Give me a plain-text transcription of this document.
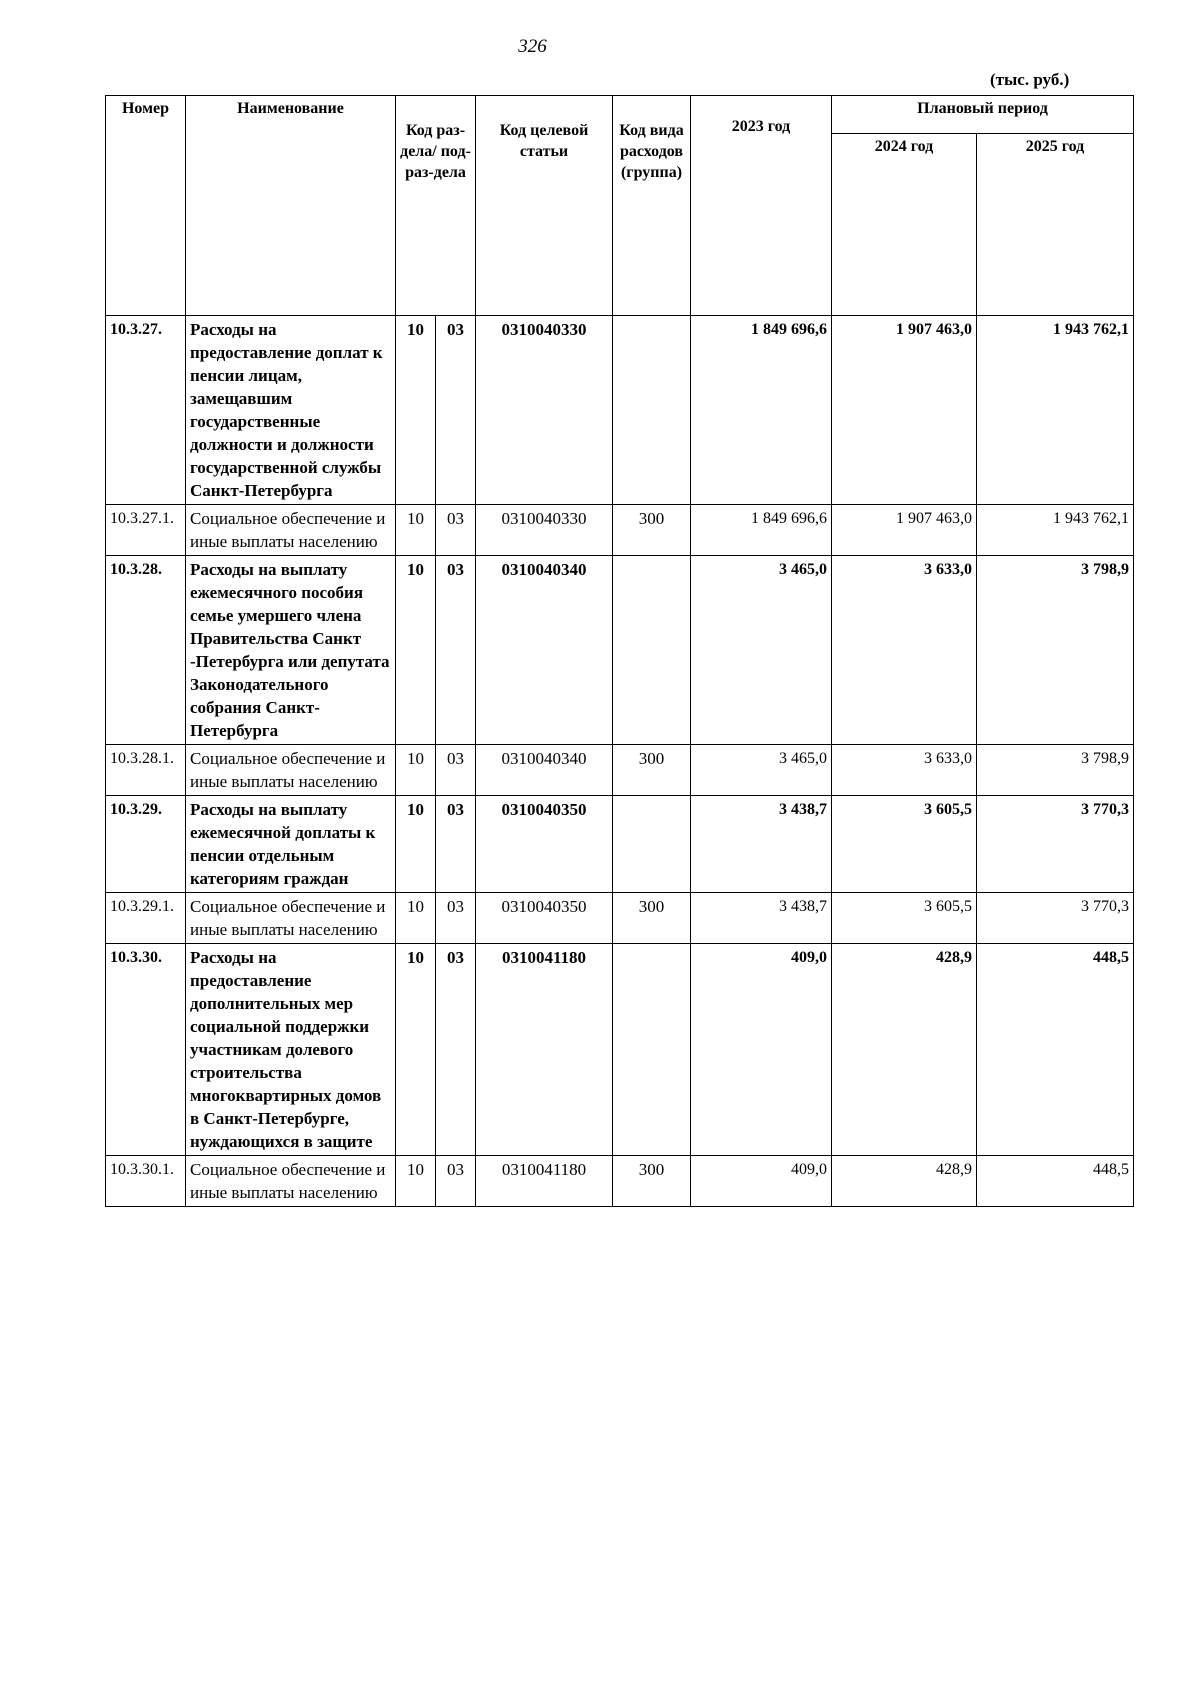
326
(тыс. руб.)
Номер	Наименование	Код раз-дела/ под-раз-дела		Код целевой статьи	Код вида расходов (группа)	2023 год	Плановый период	
							2024 год	2025 год
10.3.27.	Расходы на предоставление доплат к пенсии лицам, замещавшим государственные должности и должности государственной службы Санкт-Петербурга	10	03	0310040330		1 849 696,6	1 907 463,0	1 943 762,1
10.3.27.1.	Социальное обеспечение и иные выплаты населению	10	03	0310040330	300	1 849 696,6	1 907 463,0	1 943 762,1
10.3.28.	Расходы на выплату ежемесячного пособия семье умершего члена Правительства Санкт -Петербурга или депутата Законодательного собрания Санкт-Петербурга	10	03	0310040340		3 465,0	3 633,0	3 798,9
10.3.28.1.	Социальное обеспечение и иные выплаты населению	10	03	0310040340	300	3 465,0	3 633,0	3 798,9
10.3.29.	Расходы на выплату ежемесячной доплаты к пенсии отдельным категориям граждан	10	03	0310040350		3 438,7	3 605,5	3 770,3
10.3.29.1.	Социальное обеспечение и иные выплаты населению	10	03	0310040350	300	3 438,7	3 605,5	3 770,3
10.3.30.	Расходы на предоставление дополнительных мер социальной поддержки участникам долевого строительства многоквартирных домов в Санкт-Петербурге, нуждающихся в защите	10	03	0310041180		409,0	428,9	448,5
10.3.30.1.	Социальное обеспечение и иные выплаты населению	10	03	0310041180	300	409,0	428,9	448,5
